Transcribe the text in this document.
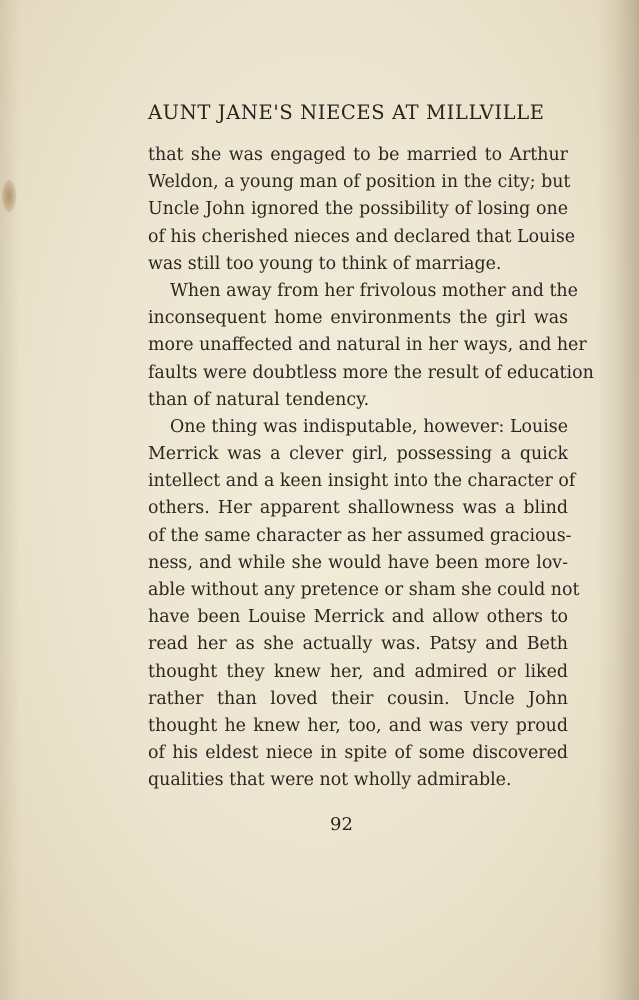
AUNT JANE'S NIECES AT MILLVILLE
that she was engaged to be married to Arthur
Weldon, a young man of position in the city; but
Uncle John ignored the possibility of losing one
of his cherished nieces and declared that Louise
was still too young to think of marriage.
When away from her frivolous mother and the
inconsequent home environments the girl was
more unaffected and natural in her ways, and her
faults were doubtless more the result of education
than of natural tendency.
One thing was indisputable, however: Louise
Merrick was a clever girl, possessing a quick
intellect and a keen insight into the character of
others. Her apparent shallowness was a blind
of the same character as her assumed gracious-
ness, and while she would have been more lov-
able without any pretence or sham she could not
have been Louise Merrick and allow others to
read her as she actually was. Patsy and Beth
thought they knew her, and admired or liked
rather than loved their cousin. Uncle John
thought he knew her, too, and was very proud
of his eldest niece in spite of some discovered
qualities that were not wholly admirable.
92
